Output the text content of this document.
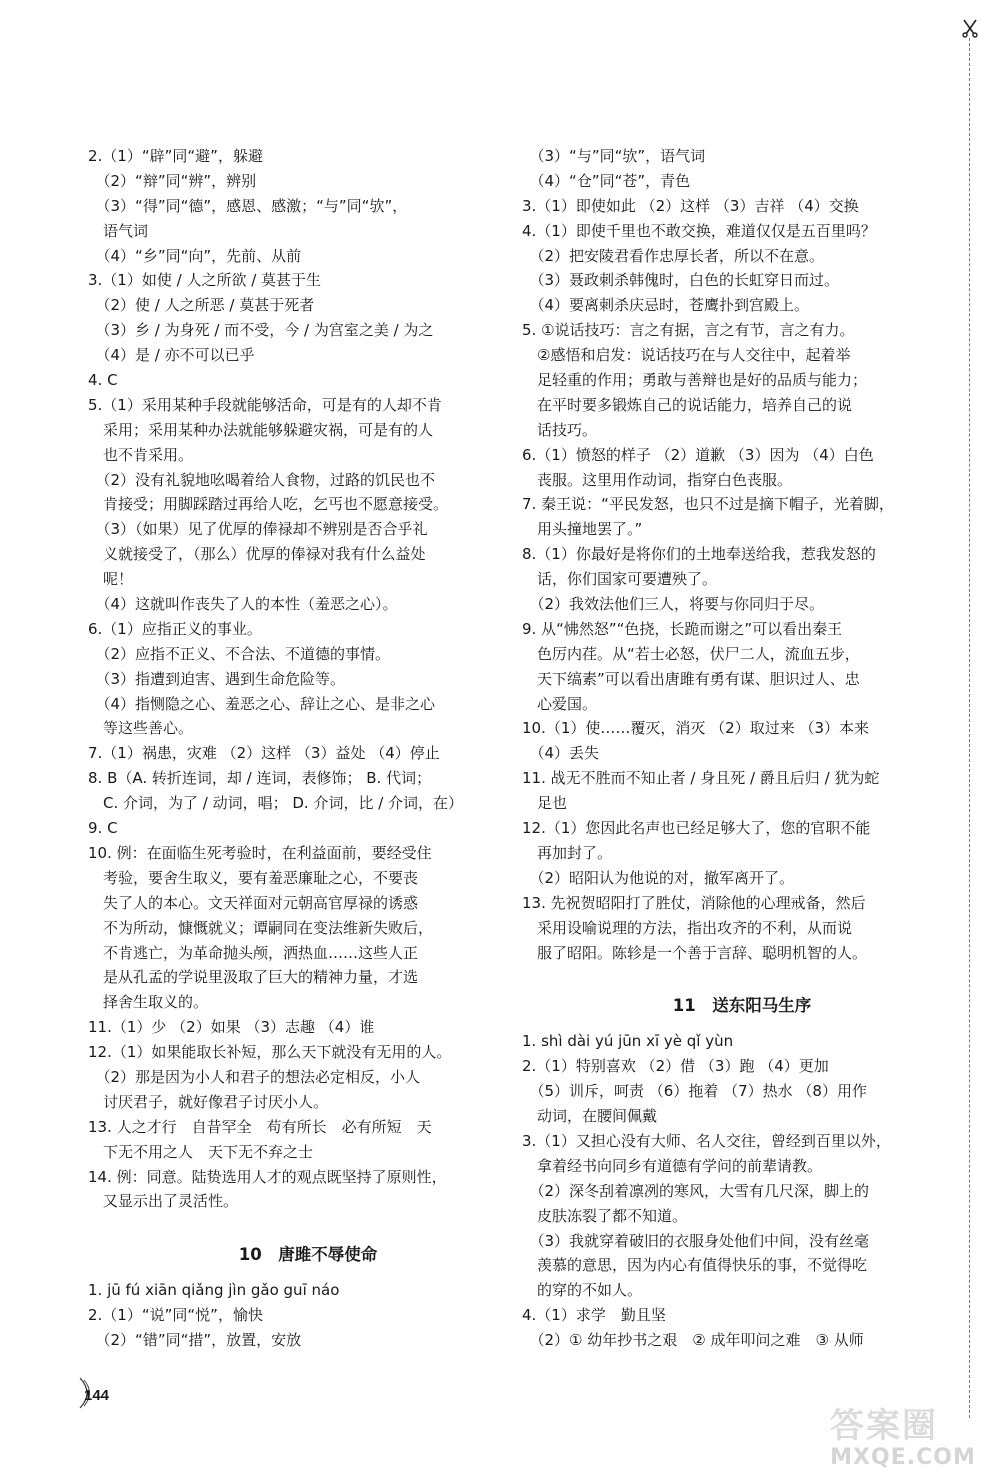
2.（1）“辟”同“避”，躲避
　（2）“辩”同“辨”，辨别
　（3）“得”同“德”，感恩、感激；“与”同“欤”，
　语气词
　（4）“乡”同“向”，先前、从前
3.（1）如使 / 人之所欲 / 莫甚于生
　（2）使 / 人之所恶 / 莫甚于死者
　（3）乡 / 为身死 / 而不受，今 / 为宫室之美 / 为之
　（4）是 / 亦不可以已乎
4. C
5.（1）采用某种手段就能够活命，可是有的人却不肯
　采用；采用某种办法就能够躲避灾祸，可是有的人
　也不肯采用。
　（2）没有礼貌地吆喝着给人食物，过路的饥民也不
　肯接受；用脚踩踏过再给人吃，乞丐也不愿意接受。
　（3）（如果）见了优厚的俸禄却不辨别是否合乎礼
　义就接受了，（那么）优厚的俸禄对我有什么益处
　呢！
　（4）这就叫作丧失了人的本性（羞恶之心）。
6.（1）应指正义的事业。
　（2）应指不正义、不合法、不道德的事情。
　（3）指遭到迫害、遇到生命危险等。
　（4）指恻隐之心、羞恶之心、辞让之心、是非之心
　等这些善心。
7.（1）祸患，灾难 （2）这样 （3）益处 （4）停止
8. B（A. 转折连词，却 / 连词，表修饰； B. 代词；
　C. 介词，为了 / 动词，唱； D. 介词，比 / 介词，在）
9. C
10. 例：在面临生死考验时，在利益面前，要经受住
　考验，要舍生取义，要有羞恶廉耻之心，不要丧
　失了人的本心。文天祥面对元朝高官厚禄的诱惑
　不为所动，慷慨就义；谭嗣同在变法维新失败后，
　不肯逃亡，为革命抛头颅，洒热血……这些人正
　是从孔孟的学说里汲取了巨大的精神力量，才选
　择舍生取义的。
11.（1）少 （2）如果 （3）志趣 （4）谁
12.（1）如果能取长补短，那么天下就没有无用的人。
　（2）那是因为小人和君子的想法必定相反，小人
　讨厌君子，就好像君子讨厌小人。
13. 人之才行　自昔罕全　苟有所长　必有所短　天
　下无不用之人　天下无不弃之士
14. 例：同意。陆贽选用人才的观点既坚持了原则性，
　又显示出了灵活性。
10　唐雎不辱使命
1. jū fú xiān qiǎng jìn gǎo guī náo
2.（1）“说”同“悦”，愉快
　（2）“错”同“措”，放置，安放
　（3）“与”同“欤”，语气词
　（4）“仓”同“苍”，青色
3.（1）即使如此 （2）这样 （3）吉祥 （4）交换
4.（1）即使千里也不敢交换，难道仅仅是五百里吗？
　（2）把安陵君看作忠厚长者，所以不在意。
　（3）聂政刺杀韩傀时，白色的长虹穿日而过。
　（4）要离刺杀庆忌时，苍鹰扑到宫殿上。
5. ①说话技巧：言之有据，言之有节，言之有力。
　②感悟和启发：说话技巧在与人交往中，起着举
　足轻重的作用；勇敢与善辩也是好的品质与能力；
　在平时要多锻炼自己的说话能力，培养自己的说
　话技巧。
6.（1）愤怒的样子 （2）道歉 （3）因为 （4）白色
　丧服。这里用作动词，指穿白色丧服。
7. 秦王说：“平民发怒，也只不过是摘下帽子，光着脚，
　用头撞地罢了。”
8.（1）你最好是将你们的土地奉送给我，惹我发怒的
　话，你们国家可要遭殃了。
　（2）我效法他们三人，将要与你同归于尽。
9. 从“怫然怒”“色挠，长跪而谢之”可以看出秦王
　色厉内荏。从“若士必怒，伏尸二人，流血五步，
　天下缟素”可以看出唐雎有勇有谋、胆识过人、忠
　心爱国。
10.（1）使……覆灭，消灭 （2）取过来 （3）本来
　（4）丢失
11. 战无不胜而不知止者 / 身且死 / 爵且后归 / 犹为蛇
　足也
12.（1）您因此名声也已经足够大了，您的官职不能
　再加封了。
　（2）昭阳认为他说的对，撤军离开了。
13. 先祝贺昭阳打了胜仗，消除他的心理戒备，然后
　采用设喻说理的方法，指出攻齐的不利，从而说
　服了昭阳。陈轸是一个善于言辞、聪明机智的人。
11　送东阳马生序
1. shì dài yú jūn xī yè qǐ yùn
2.（1）特别喜欢 （2）借 （3）跑 （4）更加
　（5）训斥，呵责 （6）拖着 （7）热水 （8）用作
　动词，在腰间佩戴
3.（1）又担心没有大师、名人交往，曾经到百里以外，
　拿着经书向同乡有道德有学问的前辈请教。
　（2）深冬刮着凛冽的寒风，大雪有几尺深，脚上的
　皮肤冻裂了都不知道。
　（3）我就穿着破旧的衣服身处他们中间，没有丝毫
　羡慕的意思，因为内心有值得快乐的事，不觉得吃
　的穿的不如人。
4.（1）求学　勤且坚
　（2）① 幼年抄书之艰　② 成年叩问之难　③ 从师
144
答案圈
MXQE.COM
